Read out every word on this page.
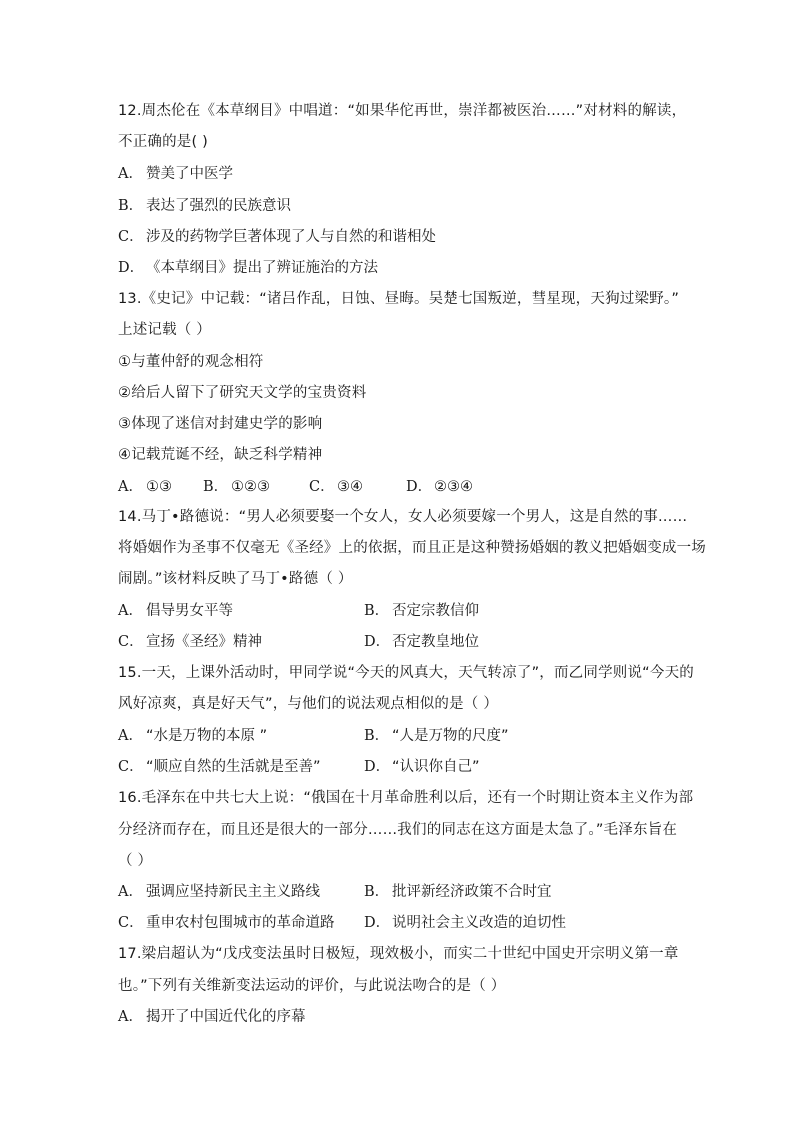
12.周杰伦在《本草纲目》中唱道：“如果华佗再世，崇洋都被医治……”对材料的解读，
不正确的是( )
A． 赞美了中医学
B． 表达了强烈的民族意识
C． 涉及的药物学巨著体现了人与自然的和谐相处
D． 《本草纲目》提出了辨证施治的方法
13.《史记》中记载：“诸吕作乱，日蚀、昼晦。吴楚七国叛逆，彗星现，天狗过梁野。”
上述记载（ ）
①与董仲舒的观念相符
②给后人留下了研究天文学的宝贵资料
③体现了迷信对封建史学的影响
④记载荒诞不经，缺乏科学精神
A． ①③ B． ①②③	C． ③④	D． ②③④
14.马丁•路德说：“男人必须要娶一个女人，女人必须要嫁一个男人，这是自然的事……
将婚姻作为圣事不仅毫无《圣经》上的依据，而且正是这种赞扬婚姻的教义把婚姻变成一场
闹剧。”该材料反映了马丁•路德（ ）
A． 倡导男女平等	B． 否定宗教信仰
C． 宣扬《圣经》精神	D． 否定教皇地位
15.一天，上课外活动时，甲同学说“今天的风真大，天气转凉了”，而乙同学则说“今天的
风好凉爽，真是好天气”，与他们的说法观点相似的是（ ）
A． “水是万物的本原 ”	B． “人是万物的尺度”
C． “顺应自然的生活就是至善”	D． “认识你自己”
16.毛泽东在中共七大上说：“俄国在十月革命胜利以后，还有一个时期让资本主义作为部
分经济而存在，而且还是很大的一部分……我们的同志在这方面是太急了。”毛泽东旨在
（ ）
A． 强调应坚持新民主主义路线	B． 批评新经济政策不合时宜
C． 重申农村包围城市的革命道路 D． 说明社会主义改造的迫切性
17.梁启超认为“戊戌变法虽时日极短，现效极小，而实二十世纪中国史开宗明义第一章
也。”下列有关维新变法运动的评价，与此说法吻合的是（ ）
A． 揭开了中国近代化的序幕
